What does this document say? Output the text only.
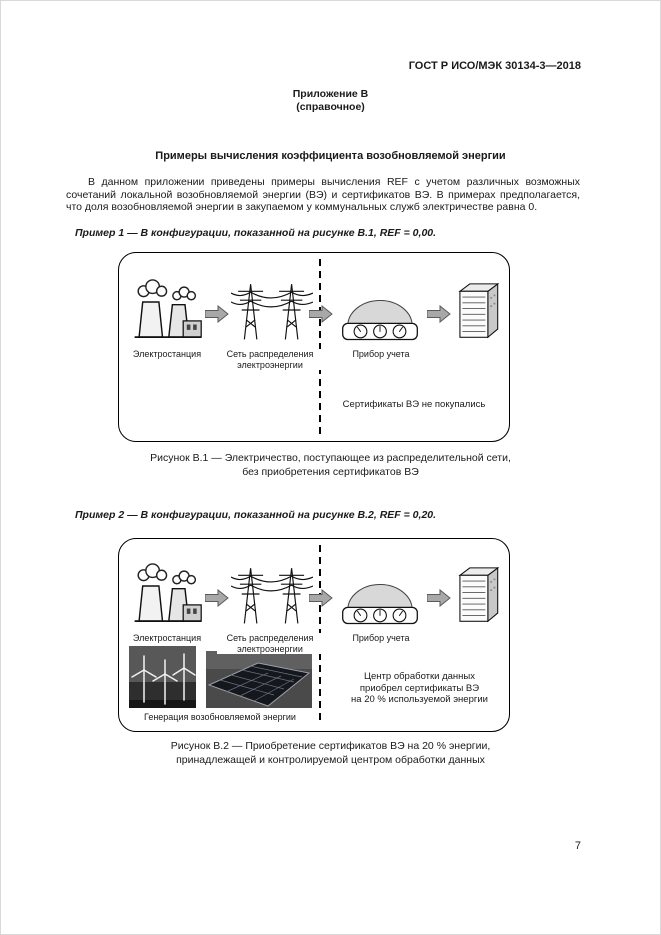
ГОСТ Р ИСО/МЭК 30134-3—2018
Приложение В
(справочное)
Примеры вычисления коэффициента возобновляемой энергии

В данном приложении приведены примеры вычисления REF с учетом различных возможных сочетаний локальной возобновляемой энергии (ВЭ) и сертификатов ВЭ. В примерах предполагается, что доля возобновляемой энергии в закупаемом у коммунальных служб электричестве равна 0.

Пример 1 — В конфигурации, показанной на рисунке В.1, REF = 0,00.

Электростанция	Сеть распределения электроэнергии
Прибор учета
Сертификаты ВЭ не покупались
Рисунок В.1 — Электричество, поступающее из распределительной сети,
без приобретения сертификатов ВЭ

Пример 2 — В конфигурации, показанной на рисунке В.2, REF = 0,20.

Электростанция	Сеть распределения электроэнергии
Прибор учета
Генерация возобновляемой энергии
Центр обработки данных
приобрел сертификаты ВЭ
на 20 % используемой энергии
Рисунок В.2 — Приобретение сертификатов ВЭ на 20 % энергии,
принадлежащей и контролируемой центром обработки данных
7
